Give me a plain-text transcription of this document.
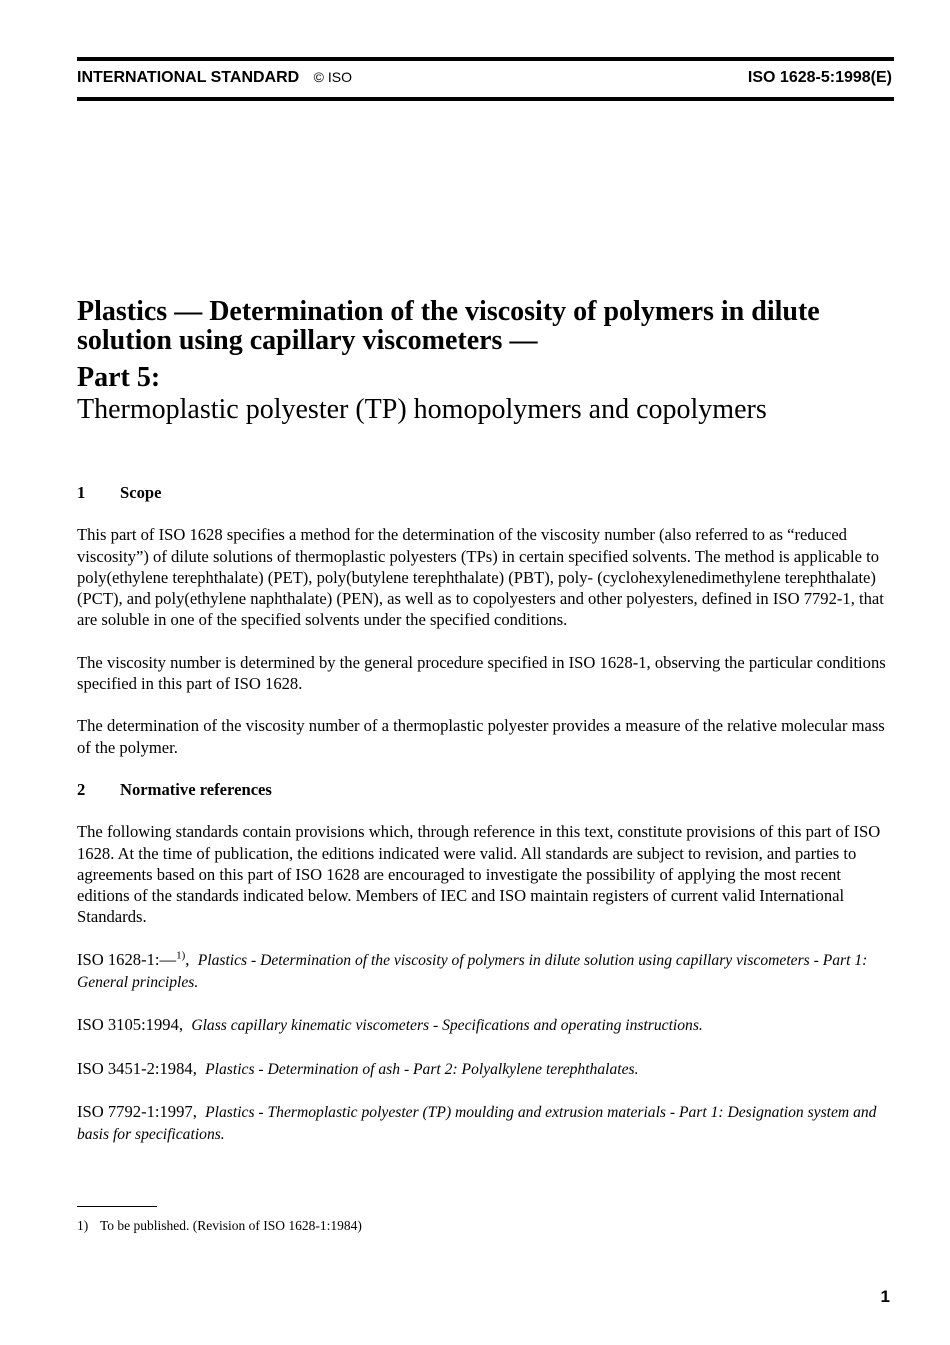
INTERNATIONAL STANDARD © ISO	ISO 1628-5:1998(E)
Plastics — Determination of the viscosity of polymers in dilute solution using capillary viscometers —
Part 5:
Thermoplastic polyester (TP) homopolymers and copolymers
1 Scope

This part of ISO 1628 specifies a method for the determination of the viscosity number (also referred to as “reduced viscosity”) of dilute solutions of thermoplastic polyesters (TPs) in certain specified solvents. The method is applicable to poly(ethylene terephthalate) (PET), poly(butylene terephthalate) (PBT), poly- (cyclohexylenedimethylene terephthalate) (PCT), and poly(ethylene naphthalate) (PEN), as well as to copolyesters and other polyesters, defined in ISO 7792-1, that are soluble in one of the specified solvents under the specified conditions.

The viscosity number is determined by the general procedure specified in ISO 1628-1, observing the particular conditions specified in this part of ISO 1628.

The determination of the viscosity number of a thermoplastic polyester provides a measure of the relative molecular mass of the polymer.

2 Normative references

The following standards contain provisions which, through reference in this text, constitute provisions of this part of ISO 1628. At the time of publication, the editions indicated were valid. All standards are subject to revision, and parties to agreements based on this part of ISO 1628 are encouraged to investigate the possibility of applying the most recent editions of the standards indicated below. Members of IEC and ISO maintain registers of current valid International Standards.

ISO 1628-1:—$^{1)}$,  Plastics - Determination of the viscosity of polymers in dilute solution using capillary viscometers - Part 1: General principles.

ISO 3105:1994, Glass capillary kinematic viscometers - Specifications and operating instructions.

ISO 3451-2:1984, Plastics - Determination of ash - Part 2: Polyalkylene terephthalates.

ISO 7792-1:1997, Plastics - Thermoplastic polyester (TP) moulding and extrusion materials - Part 1: Designation system and basis for specifications.

1) To be published. (Revision of ISO 1628-1:1984)
1
